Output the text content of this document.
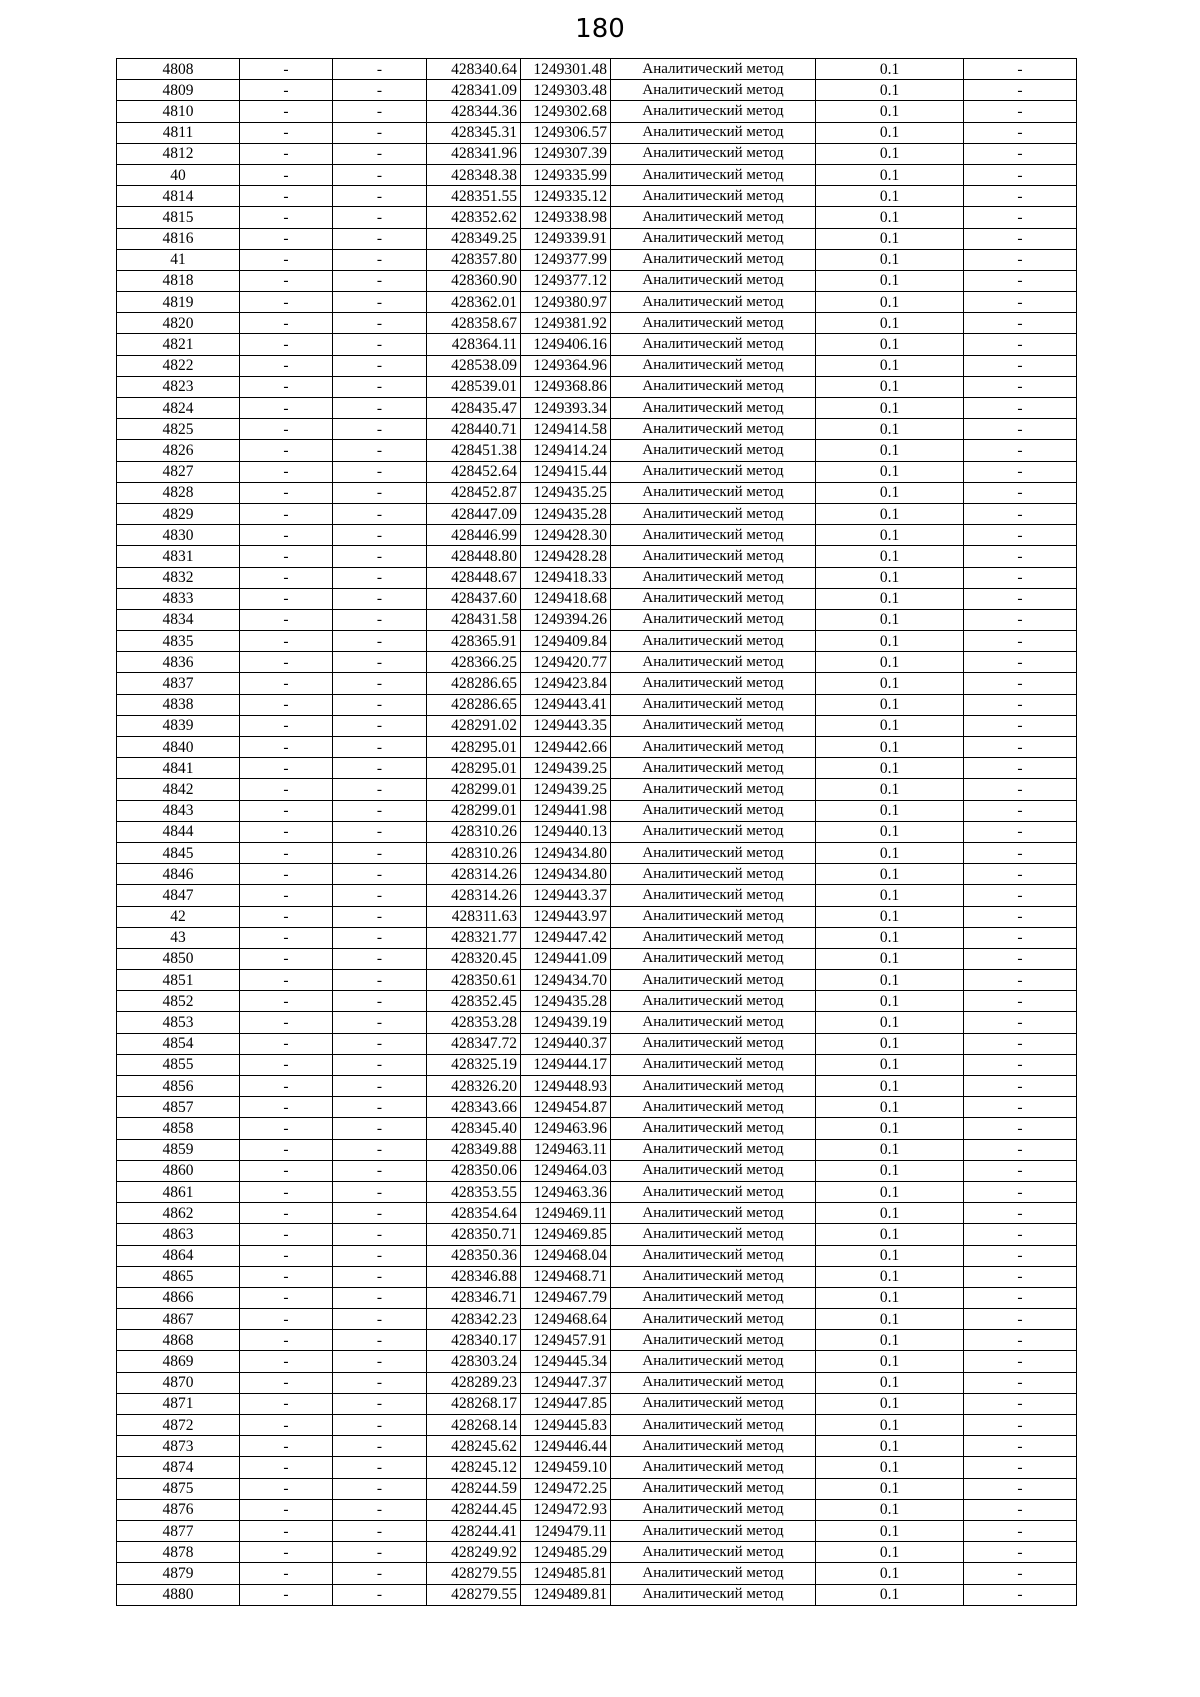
180
4808	-	-	428340.64	1249301.48	Аналитический метод	0.1	-
4809	-	-	428341.09	1249303.48	Аналитический метод	0.1	-
4810	-	-	428344.36	1249302.68	Аналитический метод	0.1	-
4811	-	-	428345.31	1249306.57	Аналитический метод	0.1	-
4812	-	-	428341.96	1249307.39	Аналитический метод	0.1	-
40	-	-	428348.38	1249335.99	Аналитический метод	0.1	-
4814	-	-	428351.55	1249335.12	Аналитический метод	0.1	-
4815	-	-	428352.62	1249338.98	Аналитический метод	0.1	-
4816	-	-	428349.25	1249339.91	Аналитический метод	0.1	-
41	-	-	428357.80	1249377.99	Аналитический метод	0.1	-
4818	-	-	428360.90	1249377.12	Аналитический метод	0.1	-
4819	-	-	428362.01	1249380.97	Аналитический метод	0.1	-
4820	-	-	428358.67	1249381.92	Аналитический метод	0.1	-
4821	-	-	428364.11	1249406.16	Аналитический метод	0.1	-
4822	-	-	428538.09	1249364.96	Аналитический метод	0.1	-
4823	-	-	428539.01	1249368.86	Аналитический метод	0.1	-
4824	-	-	428435.47	1249393.34	Аналитический метод	0.1	-
4825	-	-	428440.71	1249414.58	Аналитический метод	0.1	-
4826	-	-	428451.38	1249414.24	Аналитический метод	0.1	-
4827	-	-	428452.64	1249415.44	Аналитический метод	0.1	-
4828	-	-	428452.87	1249435.25	Аналитический метод	0.1	-
4829	-	-	428447.09	1249435.28	Аналитический метод	0.1	-
4830	-	-	428446.99	1249428.30	Аналитический метод	0.1	-
4831	-	-	428448.80	1249428.28	Аналитический метод	0.1	-
4832	-	-	428448.67	1249418.33	Аналитический метод	0.1	-
4833	-	-	428437.60	1249418.68	Аналитический метод	0.1	-
4834	-	-	428431.58	1249394.26	Аналитический метод	0.1	-
4835	-	-	428365.91	1249409.84	Аналитический метод	0.1	-
4836	-	-	428366.25	1249420.77	Аналитический метод	0.1	-
4837	-	-	428286.65	1249423.84	Аналитический метод	0.1	-
4838	-	-	428286.65	1249443.41	Аналитический метод	0.1	-
4839	-	-	428291.02	1249443.35	Аналитический метод	0.1	-
4840	-	-	428295.01	1249442.66	Аналитический метод	0.1	-
4841	-	-	428295.01	1249439.25	Аналитический метод	0.1	-
4842	-	-	428299.01	1249439.25	Аналитический метод	0.1	-
4843	-	-	428299.01	1249441.98	Аналитический метод	0.1	-
4844	-	-	428310.26	1249440.13	Аналитический метод	0.1	-
4845	-	-	428310.26	1249434.80	Аналитический метод	0.1	-
4846	-	-	428314.26	1249434.80	Аналитический метод	0.1	-
4847	-	-	428314.26	1249443.37	Аналитический метод	0.1	-
42	-	-	428311.63	1249443.97	Аналитический метод	0.1	-
43	-	-	428321.77	1249447.42	Аналитический метод	0.1	-
4850	-	-	428320.45	1249441.09	Аналитический метод	0.1	-
4851	-	-	428350.61	1249434.70	Аналитический метод	0.1	-
4852	-	-	428352.45	1249435.28	Аналитический метод	0.1	-
4853	-	-	428353.28	1249439.19	Аналитический метод	0.1	-
4854	-	-	428347.72	1249440.37	Аналитический метод	0.1	-
4855	-	-	428325.19	1249444.17	Аналитический метод	0.1	-
4856	-	-	428326.20	1249448.93	Аналитический метод	0.1	-
4857	-	-	428343.66	1249454.87	Аналитический метод	0.1	-
4858	-	-	428345.40	1249463.96	Аналитический метод	0.1	-
4859	-	-	428349.88	1249463.11	Аналитический метод	0.1	-
4860	-	-	428350.06	1249464.03	Аналитический метод	0.1	-
4861	-	-	428353.55	1249463.36	Аналитический метод	0.1	-
4862	-	-	428354.64	1249469.11	Аналитический метод	0.1	-
4863	-	-	428350.71	1249469.85	Аналитический метод	0.1	-
4864	-	-	428350.36	1249468.04	Аналитический метод	0.1	-
4865	-	-	428346.88	1249468.71	Аналитический метод	0.1	-
4866	-	-	428346.71	1249467.79	Аналитический метод	0.1	-
4867	-	-	428342.23	1249468.64	Аналитический метод	0.1	-
4868	-	-	428340.17	1249457.91	Аналитический метод	0.1	-
4869	-	-	428303.24	1249445.34	Аналитический метод	0.1	-
4870	-	-	428289.23	1249447.37	Аналитический метод	0.1	-
4871	-	-	428268.17	1249447.85	Аналитический метод	0.1	-
4872	-	-	428268.14	1249445.83	Аналитический метод	0.1	-
4873	-	-	428245.62	1249446.44	Аналитический метод	0.1	-
4874	-	-	428245.12	1249459.10	Аналитический метод	0.1	-
4875	-	-	428244.59	1249472.25	Аналитический метод	0.1	-
4876	-	-	428244.45	1249472.93	Аналитический метод	0.1	-
4877	-	-	428244.41	1249479.11	Аналитический метод	0.1	-
4878	-	-	428249.92	1249485.29	Аналитический метод	0.1	-
4879	-	-	428279.55	1249485.81	Аналитический метод	0.1	-
4880	-	-	428279.55	1249489.81	Аналитический метод	0.1	-
